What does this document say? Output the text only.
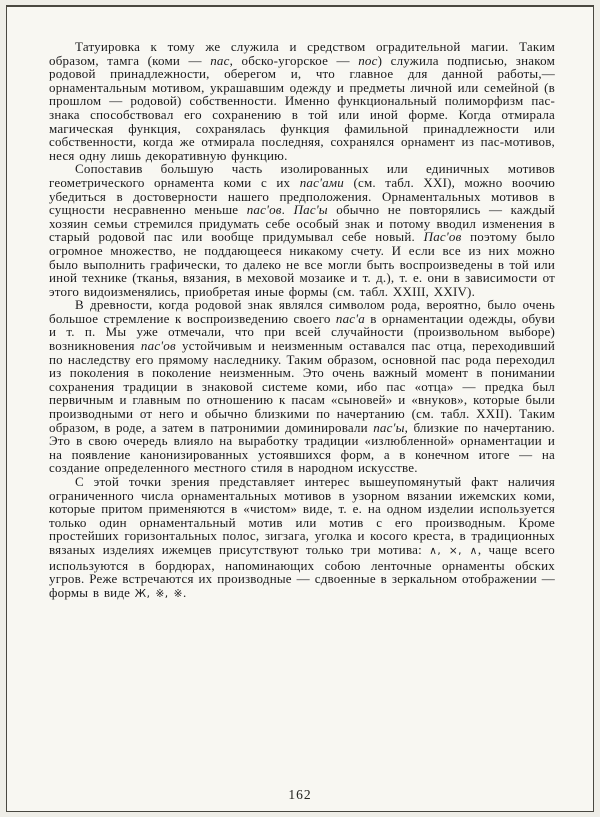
Татуировка к тому же служила и средством оградительной магии. Таким образом, тамга (коми — пас, обско-угорское — пос) служила подписью, знаком родовой принадлежности, оберегом и, что главное для данной работы,— орнаментальным мотивом, украшавшим одежду и предметы личной или семейной (в прошлом — родовой) собственности. Именно функциональный полиморфизм пас-знака способствовал его сохранению в той или иной форме. Когда отмирала магическая функция, сохранялась функция фамильной принадлежности или собственности, когда же отмирала последняя, сохранялся орнамент из пас-мотивов, неся одну лишь декоративную функцию.

Сопоставив большую часть изолированных или единичных мотивов геометрического орнамента коми с их пас'ами (см. табл. XXI), можно воочию убедиться в достоверности нашего предположения. Орнаментальных мотивов в сущности несравненно меньше пас'ов. Пас'ы обычно не повторялись — каждый хозяин семьи стремился придумать себе особый знак и потому вводил изменения в старый родовой пас или вообще придумывал себе новый. Пас'ов поэтому было огромное множество, не поддающееся никакому счету. И если все из них можно было выполнить графически, то далеко не все могли быть воспроизведены в той или иной технике (тканья, вязания, в меховой мозаике и т. д.), т. е. они в зависимости от этого видоизменялись, приобретая иные формы (см. табл. XXIII, XXIV).

В древности, когда родовой знак являлся символом рода, вероятно, было очень большое стремление к воспроизведению своего пас'а в орнаментации одежды, обуви и т. п. Мы уже отмечали, что при всей случайности (произвольном выборе) возникновения пас'ов устойчивым и неизменным оставался пас отца, переходивший по наследству его прямому наследнику. Таким образом, основной пас рода переходил из поколения в поколение неизменным. Это очень важный момент в понимании сохранения традиции в знаковой системе коми, ибо пас «отца» — предка был первичным и главным по отношению к пасам «сыновей» и «внуков», которые были производными от него и обычно близкими по начертанию (см. табл. XXII). Таким образом, в роде, а затем в патронимии доминировали пас'ы, близкие по начертанию. Это в свою очередь влияло на выработку традиции «излюбленной» орнаментации и на появление канонизированных устоявшихся форм, а в конечном итоге — на создание определенного местного стиля в народном искусстве.

С этой точки зрения представляет интерес вышеупомянутый факт наличия ограниченного числа орнаментальных мотивов в узорном вязании ижемских коми, которые притом применяются в «чистом» виде, т. е. на одном изделии используется только один орнаментальный мотив или мотив с его производным. Кроме простейших горизонтальных полос, зигзага, уголка и косого креста, в традиционных вязаных изделиях ижемцев присутствуют только три мотива: ∧, ×, ∧, чаще всего используются в бордюрах, напоминающих собою ленточные орнаменты обских угров. Реже встречаются их производные — сдвоенные в зеркальном отображении — формы в виде Ж, ※, ※.

162
